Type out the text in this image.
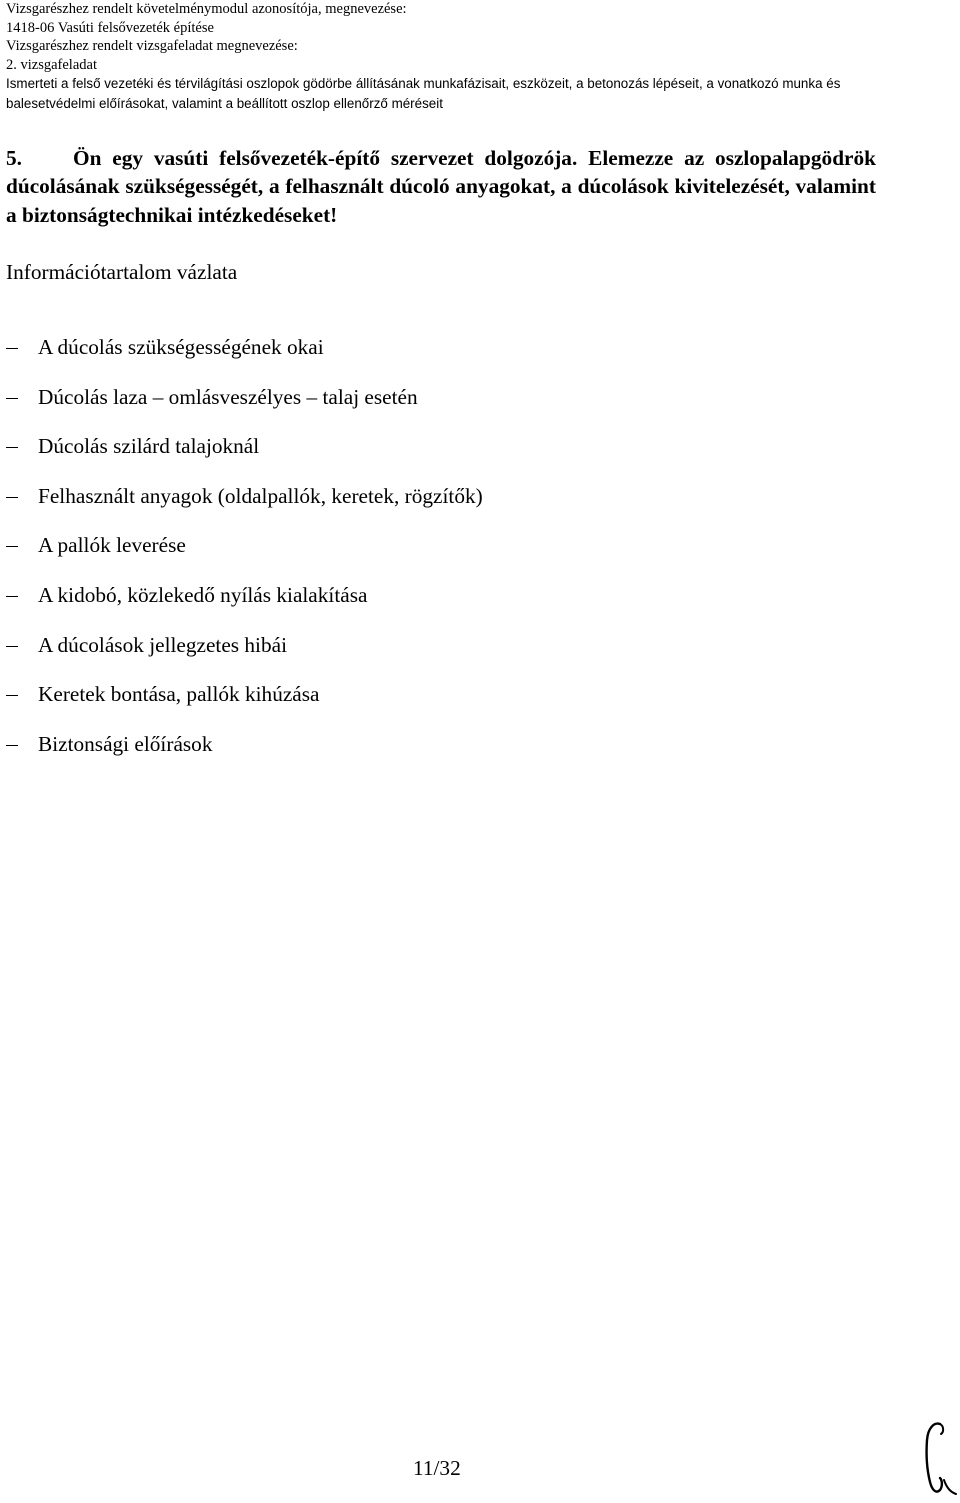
Vizsgarészhez rendelt követelménymodul azonosítója, megnevezése:
1418-06 Vasúti felsővezeték építése
Vizsgarészhez rendelt vizsgafeladat megnevezése:
2. vizsgafeladat
Ismerteti a felső vezetéki és térvilágítási oszlopok gödörbe állításának munkafázisait, eszközeit, a betonozás lépéseit, a vonatkozó munka és
balesetvédelmi előírásokat, valamint a beállított oszlop ellenőrző méréseit
5. Ön egy vasúti felsővezeték-építő szervezet dolgozója. Elemezze az oszlopalapgödrök dúcolásának szükségességét, a felhasznált dúcoló anyagokat, a dúcolások kivitelezését, valamint a biztonságtechnikai intézkedéseket!
Információtartalom vázlata
A dúcolás szükségességének okai
Dúcolás laza – omlásveszélyes – talaj esetén
Dúcolás szilárd talajoknál
Felhasznált anyagok (oldalpallók, keretek, rögzítők)
A pallók leverése
A kidobó, közlekedő nyílás kialakítása
A dúcolások jellegzetes hibái
Keretek bontása, pallók kihúzása
Biztonsági előírások
11/32
